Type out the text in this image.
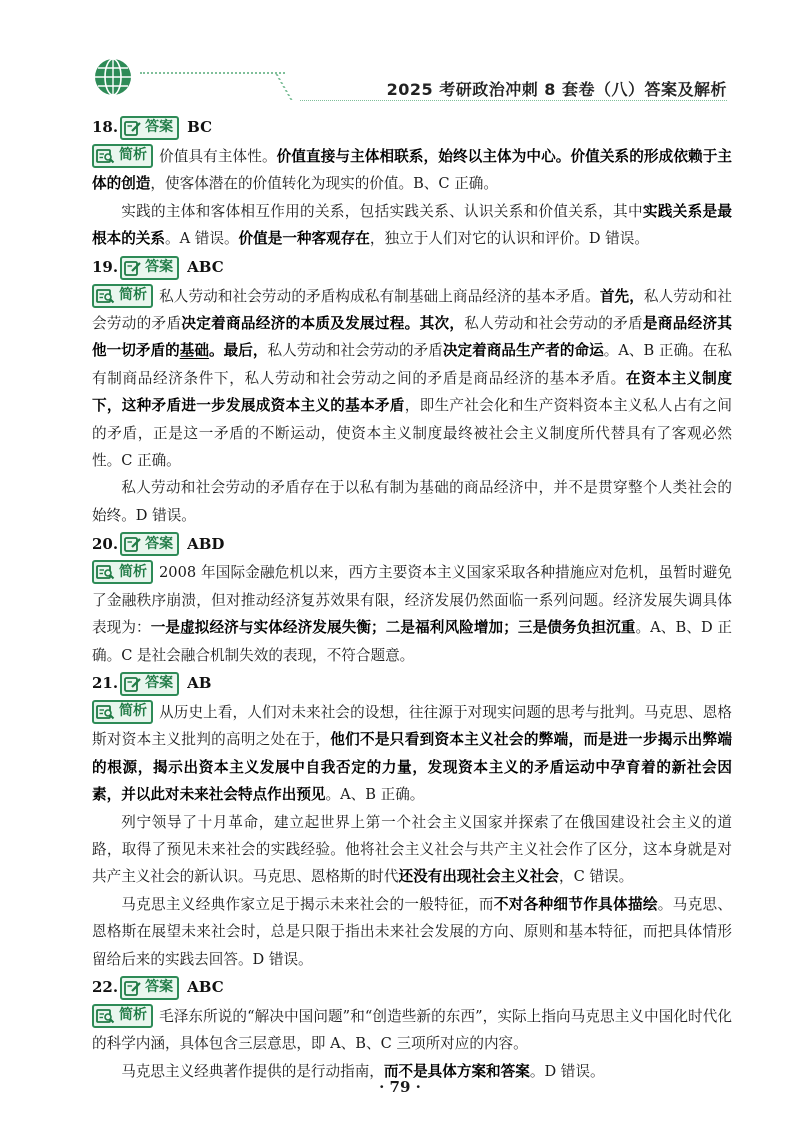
2025 考研政治冲刺 8 套卷（八）答案及解析
18. 答案 BC

简析 价值具有主体性。价值直接与主体相联系，始终以主体为中心。价值关系的形成依赖于主体的创造，使客体潜在的价值转化为现实的价值。B、C 正确。

实践的主体和客体相互作用的关系，包括实践关系、认识关系和价值关系，其中实践关系是最根本的关系。A 错误。价值是一种客观存在，独立于人们对它的认识和评价。D 错误。

19. 答案 ABC

简析 私人劳动和社会劳动的矛盾构成私有制基础上商品经济的基本矛盾。首先，私人劳动和社会劳动的矛盾决定着商品经济的本质及发展过程。其次，私人劳动和社会劳动的矛盾是商品经济其他一切矛盾的基础。最后，私人劳动和社会劳动的矛盾决定着商品生产者的命运。A、B 正确。在私有制商品经济条件下，私人劳动和社会劳动之间的矛盾是商品经济的基本矛盾。在资本主义制度下，这种矛盾进一步发展成资本主义的基本矛盾，即生产社会化和生产资料资本主义私人占有之间的矛盾，正是这一矛盾的不断运动，使资本主义制度最终被社会主义制度所代替具有了客观必然性。C 正确。

私人劳动和社会劳动的矛盾存在于以私有制为基础的商品经济中，并不是贯穿整个人类社会的始终。D 错误。

20. 答案 ABD

简析 2008 年国际金融危机以来，西方主要资本主义国家采取各种措施应对危机，虽暂时避免了金融秩序崩溃，但对推动经济复苏效果有限，经济发展仍然面临一系列问题。经济发展失调具体表现为：一是虚拟经济与实体经济发展失衡；二是福利风险增加；三是债务负担沉重。A、B、D 正确。C 是社会融合机制失效的表现，不符合题意。

21. 答案 AB

简析 从历史上看，人们对未来社会的设想，往往源于对现实问题的思考与批判。马克思、恩格斯对资本主义批判的高明之处在于，他们不是只看到资本主义社会的弊端，而是进一步揭示出弊端的根源，揭示出资本主义发展中自我否定的力量，发现资本主义的矛盾运动中孕育着的新社会因素，并以此对未来社会特点作出预见。A、B 正确。

列宁领导了十月革命，建立起世界上第一个社会主义国家并探索了在俄国建设社会主义的道路，取得了预见未来社会的实践经验。他将社会主义社会与共产主义社会作了区分，这本身就是对共产主义社会的新认识。马克思、恩格斯的时代还没有出现社会主义社会，C 错误。

马克思主义经典作家立足于揭示未来社会的一般特征，而不对各种细节作具体描绘。马克思、恩格斯在展望未来社会时，总是只限于指出未来社会发展的方向、原则和基本特征，而把具体情形留给后来的实践去回答。D 错误。

22. 答案 ABC

简析 毛泽东所说的“解决中国问题”和“创造些新的东西”，实际上指向马克思主义中国化时代化的科学内涵，具体包含三层意思，即 A、B、C 三项所对应的内容。

马克思主义经典著作提供的是行动指南，而不是具体方案和答案。D 错误。

· 79 ·
